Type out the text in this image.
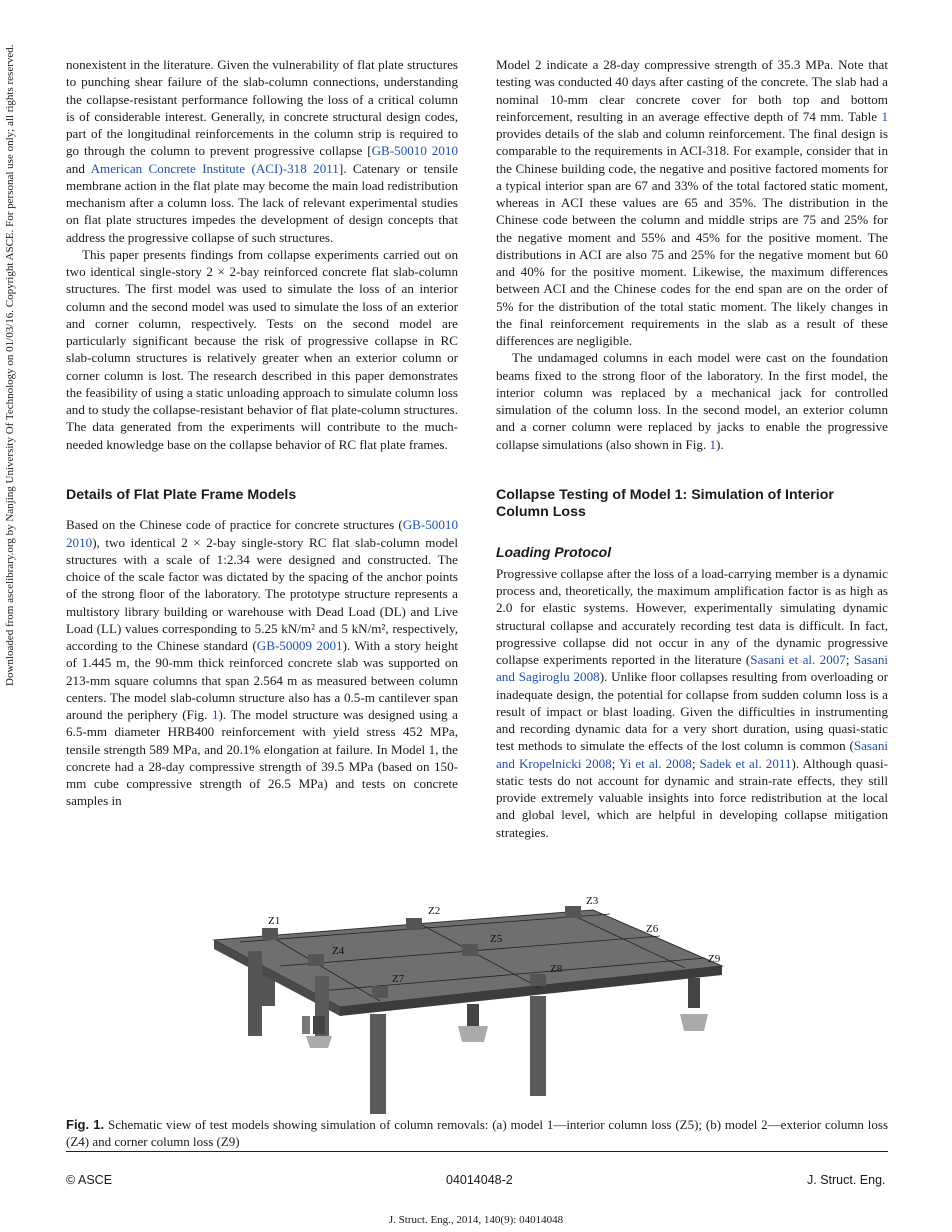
Downloaded from ascelibrary.org by Nanjing University Of Technology on 01/03/16. Copyright ASCE. For personal use only; all rights reserved.	nonexistent in the literature. Given the vulnerability of flat plate structures to punching shear failure of the slab-column connections, understanding the collapse-resistant performance following the loss of a critical column is of considerable interest. Generally, in concrete structural design codes, part of the longitudinal reinforcements in the column strip is required to go through the column to prevent progressive collapse [GB-50010 2010 and American Concrete Institute (ACI)-318 2011]. Catenary or tensile membrane action in the flat plate may become the main load redistribution mechanism after a column loss. The lack of relevant experimental studies on flat plate structures impedes the development of design concepts that address the progressive collapse of such structures.

This paper presents findings from collapse experiments carried out on two identical single-story 2 × 2-bay reinforced concrete flat slab-column structures. The first model was used to simulate the loss of an interior column and the second model was used to simulate the loss of an exterior and corner column, respectively. Tests on the second model are particularly significant because the risk of progressive collapse in RC slab-column structures is relatively greater when an exterior column or corner column is lost. The research described in this paper demonstrates the feasibility of using a static unloading approach to simulate column loss and to study the collapse-resistant behavior of flat plate-column structures. The data generated from the experiments will contribute to the much-needed knowledge base on the collapse behavior of RC flat plate frames.

Details of Flat Plate Frame Models

Based on the Chinese code of practice for concrete structures (GB-50010 2010), two identical 2 × 2-bay single-story RC flat slab-column model structures with a scale of 1:2.34 were designed and constructed. The choice of the scale factor was dictated by the spacing of the anchor points of the strong floor of the laboratory. The prototype structure represents a multistory library building or warehouse with Dead Load (DL) and Live Load (LL) values corresponding to 5.25 kN/m² and 5 kN/m², respectively, according to the Chinese standard (GB-50009 2001). With a story height of 1.445 m, the 90-mm thick reinforced concrete slab was supported on 213-mm square columns that span 2.564 m as measured between column centers. The model slab-column structure also has a 0.5-m cantilever span around the periphery (Fig. 1). The model structure was designed using a 6.5-mm diameter HRB400 reinforcement with yield stress 452 MPa, tensile strength 589 MPa, and 20.1% elongation at failure. In Model 1, the concrete had a 28-day compressive strength of 39.5 MPa (based on 150-mm cube compressive strength of 26.5 MPa) and tests on concrete samples in

Model 2 indicate a 28-day compressive strength of 35.3 MPa. Note that testing was conducted 40 days after casting of the concrete. The slab had a nominal 10-mm clear concrete cover for both top and bottom reinforcement, resulting in an average effective depth of 74 mm. Table 1 provides details of the slab and column reinforcement. The final design is comparable to the requirements in ACI-318. For example, consider that in the Chinese building code, the negative and positive factored moments for a typical interior span are 67 and 33% of the total factored static moment, whereas in ACI these values are 65 and 35%. The distribution in the Chinese code between the column and middle strips are 75 and 25% for the negative moment and 55% and 45% for the positive moment. The distributions in ACI are also 75 and 25% for the negative moment but 60 and 40% for the positive moment. Likewise, the maximum differences between ACI and the Chinese codes for the end span are on the order of 5% for the distribution of the total static moment. The likely changes in the final reinforcement requirements in the slab as a result of these differences are negligible.

The undamaged columns in each model were cast on the foundation beams fixed to the strong floor of the laboratory. In the first model, the interior column was replaced by a mechanical jack for controlled simulation of the column loss. In the second model, an exterior column and a corner column were replaced by jacks to enable the progressive collapse simulations (also shown in Fig. 1).

Collapse Testing of Model 1: Simulation of Interior Column Loss
Loading Protocol

Progressive collapse after the loss of a load-carrying member is a dynamic process and, theoretically, the maximum amplification factor is as high as 2.0 for elastic systems. However, experimentally simulating dynamic structural collapse and accurately recording test data is difficult. In fact, progressive collapse did not occur in any of the dynamic progressive collapse experiments reported in the literature (Sasani et al. 2007; Sasani and Sagiroglu 2008). Unlike floor collapses resulting from overloading or inadequate design, the potential for collapse from sudden column loss is a result of impact or blast loading. Given the difficulties in instrumenting and recording dynamic data for a very short duration, using quasi-static test methods to simulate the effects of the lost column is common (Sasani and Kropelnicki 2008; Yi et al. 2008; Sadek et al. 2011). Although quasi-static tests do not account for dynamic and strain-rate effects, they still provide extremely valuable insights into force redistribution at the local and global level, which are helpful in developing collapse mitigation strategies.

Z1
Z2
Z3
Z4
Z5
Z6
Z7
Z8
Z9
Fig. 1. Schematic view of test models showing simulation of column removals: (a) model 1—interior column loss (Z5); (b) model 2—exterior column loss (Z4) and corner column loss (Z9)
© ASCE	04014048-2	J. Struct. Eng.
J. Struct. Eng., 2014, 140(9): 04014048
